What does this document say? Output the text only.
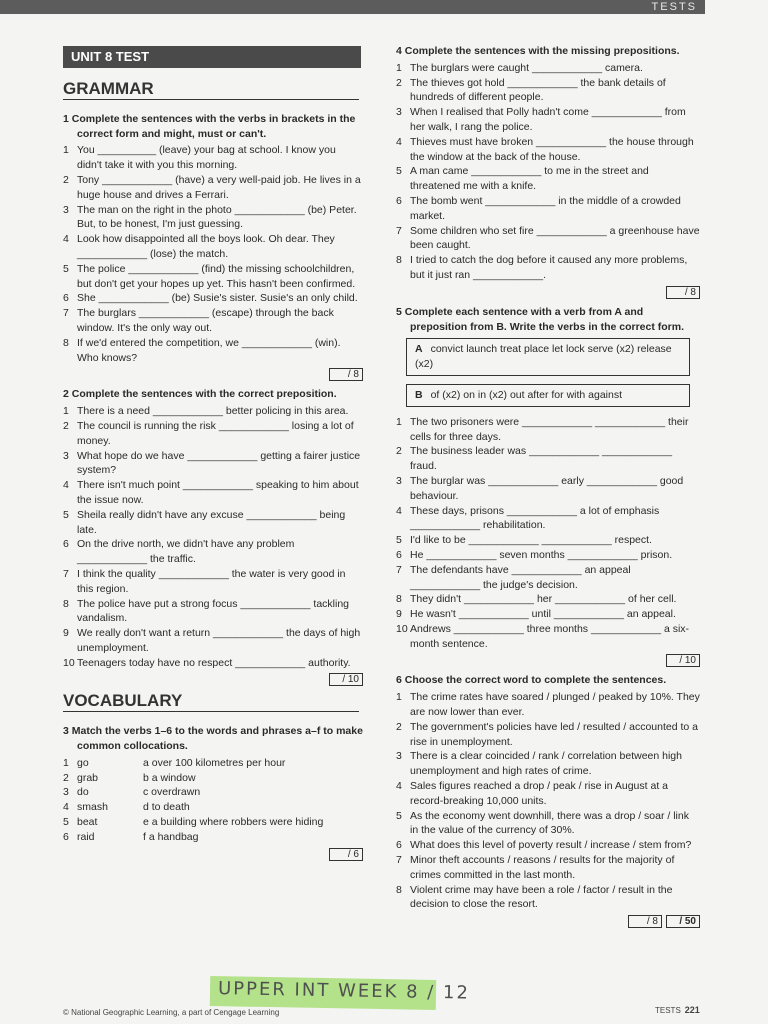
TESTS
UNIT 8 TEST
GRAMMAR
1 Complete the sentences with the verbs in brackets in the correct form and might, must or can't.
1 You __________ (leave) your bag at school. I know you didn't take it with you this morning.
2 Tony ____________ (have) a very well-paid job. He lives in a huge house and drives a Ferrari.
3 The man on the right in the photo ____________ (be) Peter. But, to be honest, I'm just guessing.
4 Look how disappointed all the boys look. Oh dear. They ____________ (lose) the match.
5 The police ____________ (find) the missing schoolchildren, but don't get your hopes up yet. This hasn't been confirmed.
6 She ____________ (be) Susie's sister. Susie's an only child.
7 The burglars ____________ (escape) through the back window. It's the only way out.
8 If we'd entered the competition, we ____________ (win). Who knows?
/ 8
2 Complete the sentences with the correct preposition.
1 There is a need ____________ better policing in this area.
2 The council is running the risk ____________ losing a lot of money.
3 What hope do we have ____________ getting a fairer justice system?
4 There isn't much point ____________ speaking to him about the issue now.
5 Sheila really didn't have any excuse ____________ being late.
6 On the drive north, we didn't have any problem ____________ the traffic.
7 I think the quality ____________ the water is very good in this region.
8 The police have put a strong focus ____________ tackling vandalism.
9 We really don't want a return ____________ the days of high unemployment.
10 Teenagers today have no respect ____________ authority.
/ 10
VOCABULARY
3 Match the verbs 1–6 to the words and phrases a–f to make common collocations.
1 go	a over 100 kilometres per hour
2 grab	b a window
3 do	c overdrawn
4 smash	d to death
5 beat	e a building where robbers were hiding
6 raid	f a handbag
/ 6
4 Complete the sentences with the missing prepositions.
1 The burglars were caught ____________ camera.
2 The thieves got hold ____________ the bank details of hundreds of different people.
3 When I realised that Polly hadn't come ____________ from her walk, I rang the police.
4 Thieves must have broken ____________ the house through the window at the back of the house.
5 A man came ____________ to me in the street and threatened me with a knife.
6 The bomb went ____________ in the middle of a crowded market.
7 Some children who set fire ____________ a greenhouse have been caught.
8 I tried to catch the dog before it caused any more problems, but it just ran ____________.
/ 8
5 Complete each sentence with a verb from A and preposition from B. Write the verbs in the correct form.
A convict launch treat place let lock serve (x2) release (x2)
B of (x2) on in (x2) out after for with against
1 The two prisoners were ____________ ____________ their cells for three days.
2 The business leader was ____________ ____________ fraud.
3 The burglar was ____________ early ____________ good behaviour.
4 These days, prisons ____________ a lot of emphasis ____________ rehabilitation.
5 I'd like to be ____________ ____________ respect.
6 He ____________ seven months ____________ prison.
7 The defendants have ____________ an appeal ____________ the judge's decision.
8 They didn't ____________ her ____________ of her cell.
9 He wasn't ____________ until ____________ an appeal.
10 Andrews ____________ three months ____________ a six-month sentence.
/ 10
6 Choose the correct word to complete the sentences.
1 The crime rates have soared / plunged / peaked by 10%. They are now lower than ever.
2 The government's policies have led / resulted / accounted to a rise in unemployment.
3 There is a clear coincided / rank / correlation between high unemployment and high rates of crime.
4 Sales figures reached a drop / peak / rise in August at a record-breaking 10,000 units.
5 As the economy went downhill, there was a drop / soar / link in the value of the currency of 30%.
6 What does this level of poverty result / increase / stem from?
7 Minor theft accounts / reasons / results for the majority of crimes committed in the last month.
8 Violent crime may have been a role / factor / result in the decision to close the resort.
/ 8	/ 50
UPPER INT WEEK 8 / 12
© National Geographic Learning, a part of Cengage Learning	TESTS 221
